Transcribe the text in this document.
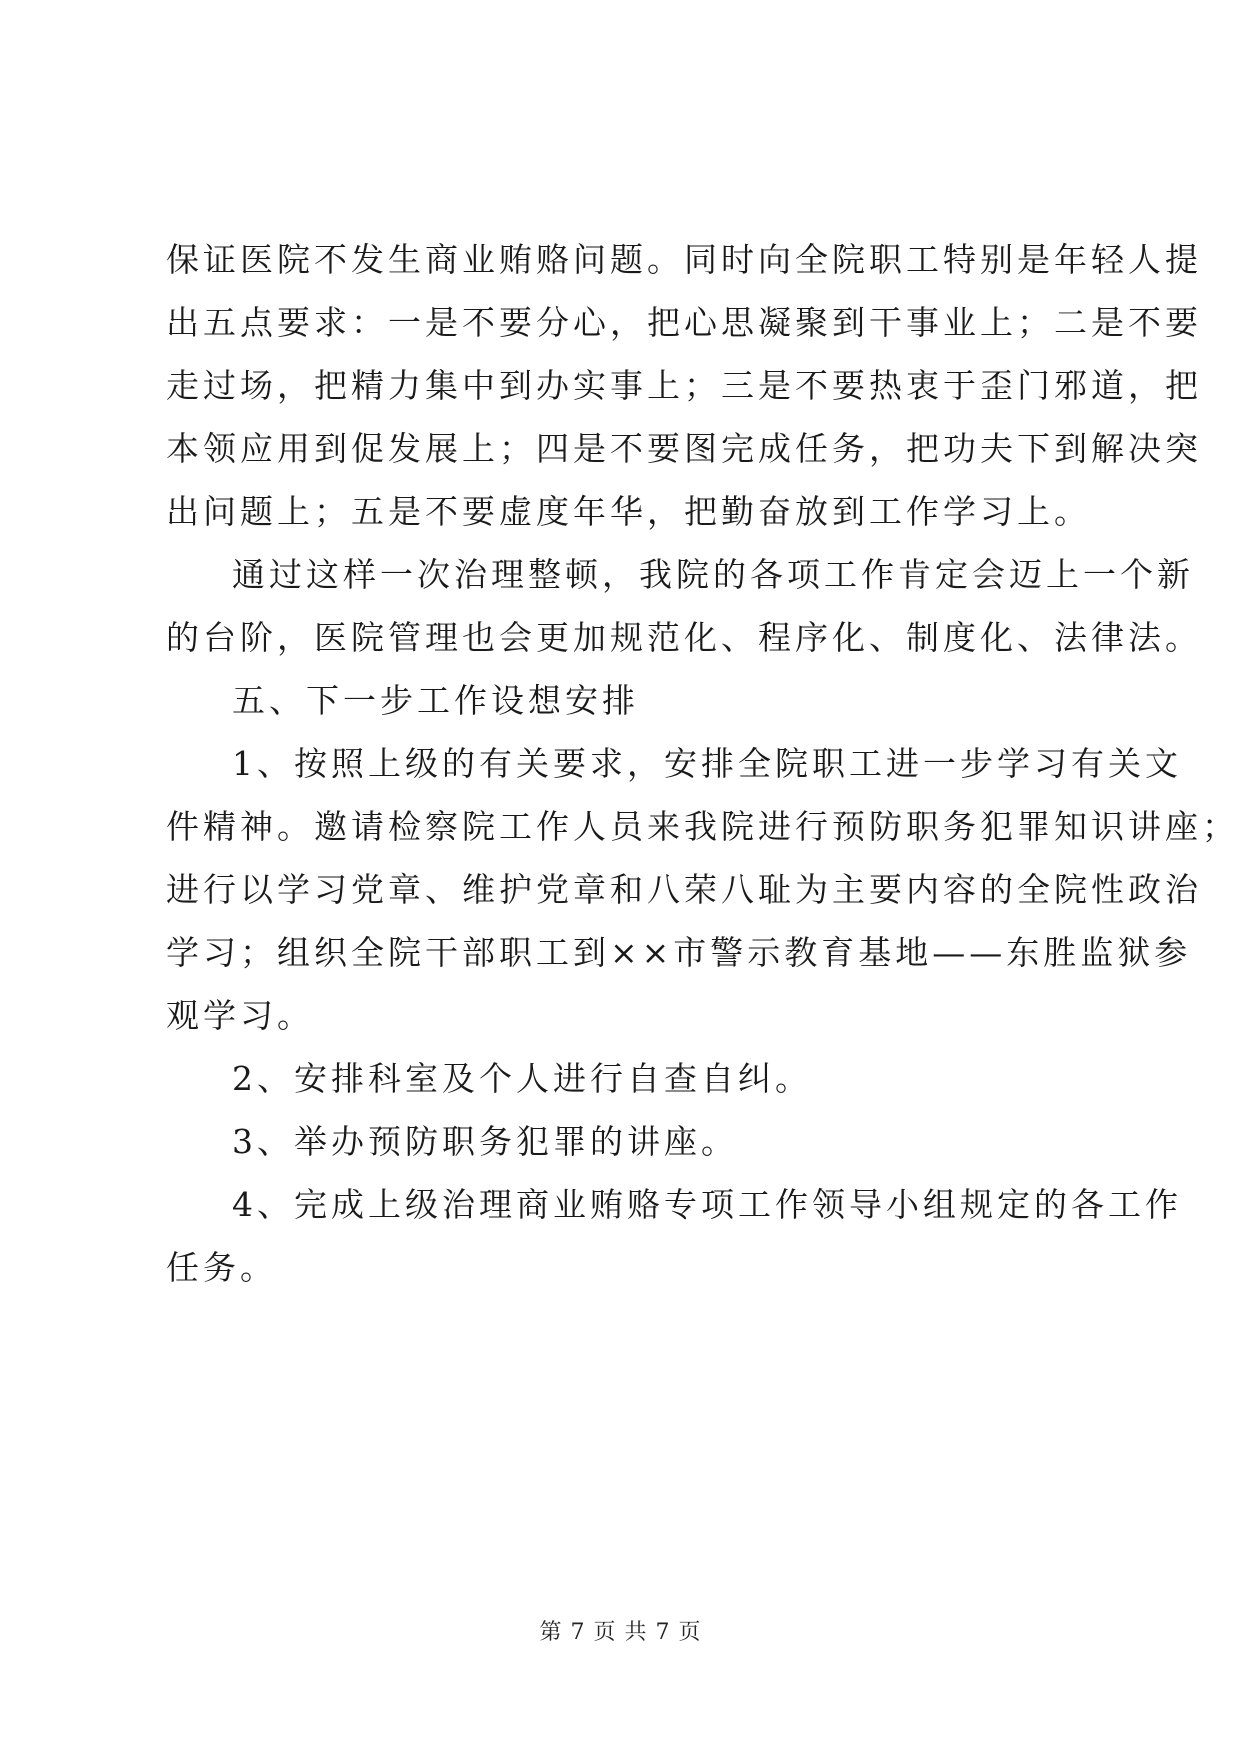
保证医院不发生商业贿赂问题。同时向全院职工特别是年轻人提
出五点要求：一是不要分心，把心思凝聚到干事业上；二是不要
走过场，把精力集中到办实事上；三是不要热衷于歪门邪道，把
本领应用到促发展上；四是不要图完成任务，把功夫下到解决突
出问题上；五是不要虚度年华，把勤奋放到工作学习上。
通过这样一次治理整顿，我院的各项工作肯定会迈上一个新
的台阶，医院管理也会更加规范化、程序化、制度化、法律法。
五、下一步工作设想安排
1、按照上级的有关要求，安排全院职工进一步学习有关文
件精神。邀请检察院工作人员来我院进行预防职务犯罪知识讲座；
进行以学习党章、维护党章和八荣八耻为主要内容的全院性政治
学习；组织全院干部职工到××市警示教育基地——东胜监狱参
观学习。
2、安排科室及个人进行自查自纠。
3、举办预防职务犯罪的讲座。
4、完成上级治理商业贿赂专项工作领导小组规定的各工作
任务。
第 7 页 共 7 页
